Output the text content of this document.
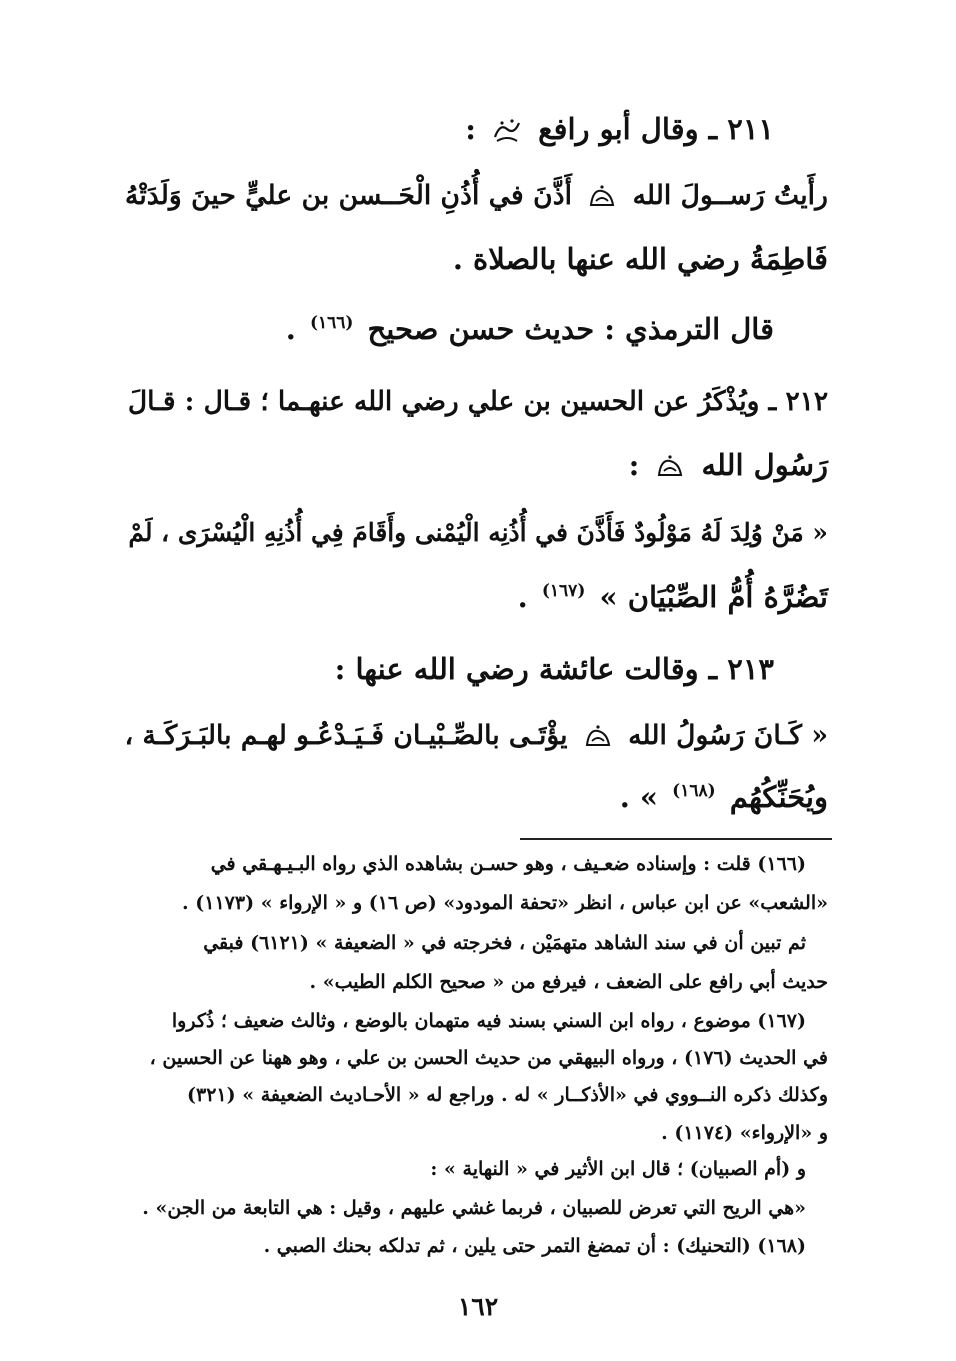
٢١١ ـ وقال أبو رافع  :
رأَيتُ رَســولَ الله  أَذَّنَ في أُذُنِ الْحَــسن بن عليٍّ حينَ وَلَدَتْهُ
فَاطِمَةُ رضي الله عنها بالصلاة .
قال الترمذي : حديث حسن صحيح $^{(١٦٦)}$ .
٢١٢ ـ ويُذْكَرُ عن الحسين بن علي رضي الله عنهـما ؛ قـال : قـالَ
رَسُول الله  :
« مَنْ وُلِدَ لَهُ مَوْلُودٌ فَأَذَّنَ في أُذُنِه الْيُمْنى وأَقَامَ فِي أُذُنِهِ الْيُسْرَى ، لَمْ
تَضُرَّهُ أُمُّ الصِّبْيَان » $^{(١٦٧)}$ .
٢١٣ ـ وقالت عائشة رضي الله عنها :
« كَـانَ رَسُولُ الله  يؤْتَـى بالصِّـبْيـان فَـيَـدْعُـو لهـم بالبَـرَكَـة ،
ويُحَنِّكُهُم $^{(١٦٨)}$ » .
(١٦٦) قلت : وإسناده ضعـيف ، وهو حسـن بشاهده الذي رواه البـيـهـقي في
«الشعب» عن ابن عباس ، انظر «تحفة المودود» (ص ١٦) و « الإرواء » (١١٧٣) .
ثم تبين أن في سند الشاهد متهمَيْن ، فخرجته في « الضعيفة » (٦١٢١) فبقي
حديث أبي رافع على الضعف ، فيرفع من « صحيح الكلم الطيب» .
(١٦٧) موضوع ، رواه ابن السني بسند فيه متهمان بالوضع ، وثالث ضعيف ؛ ذُكروا
في الحديث (١٧٦) ، ورواه البيهقي من حديث الحسن بن علي ، وهو ههنا عن الحسين ،
وكذلك ذكره النــووي في «الأذكــار » له . وراجع له « الأحـاديث الضعيفة » (٣٢١)
و «الإرواء» (١١٧٤) .
و (أم الصبيان) ؛ قال ابن الأثير في « النهاية » :
«هي الريح التي تعرض للصبيان ، فربما غشي عليهم ، وقيل : هي التابعة من الجن» .
(١٦٨) (التحنيك) : أن تمضغ التمر حتى يلين ، ثم تدلكه بحنك الصبي .
١٦٢
